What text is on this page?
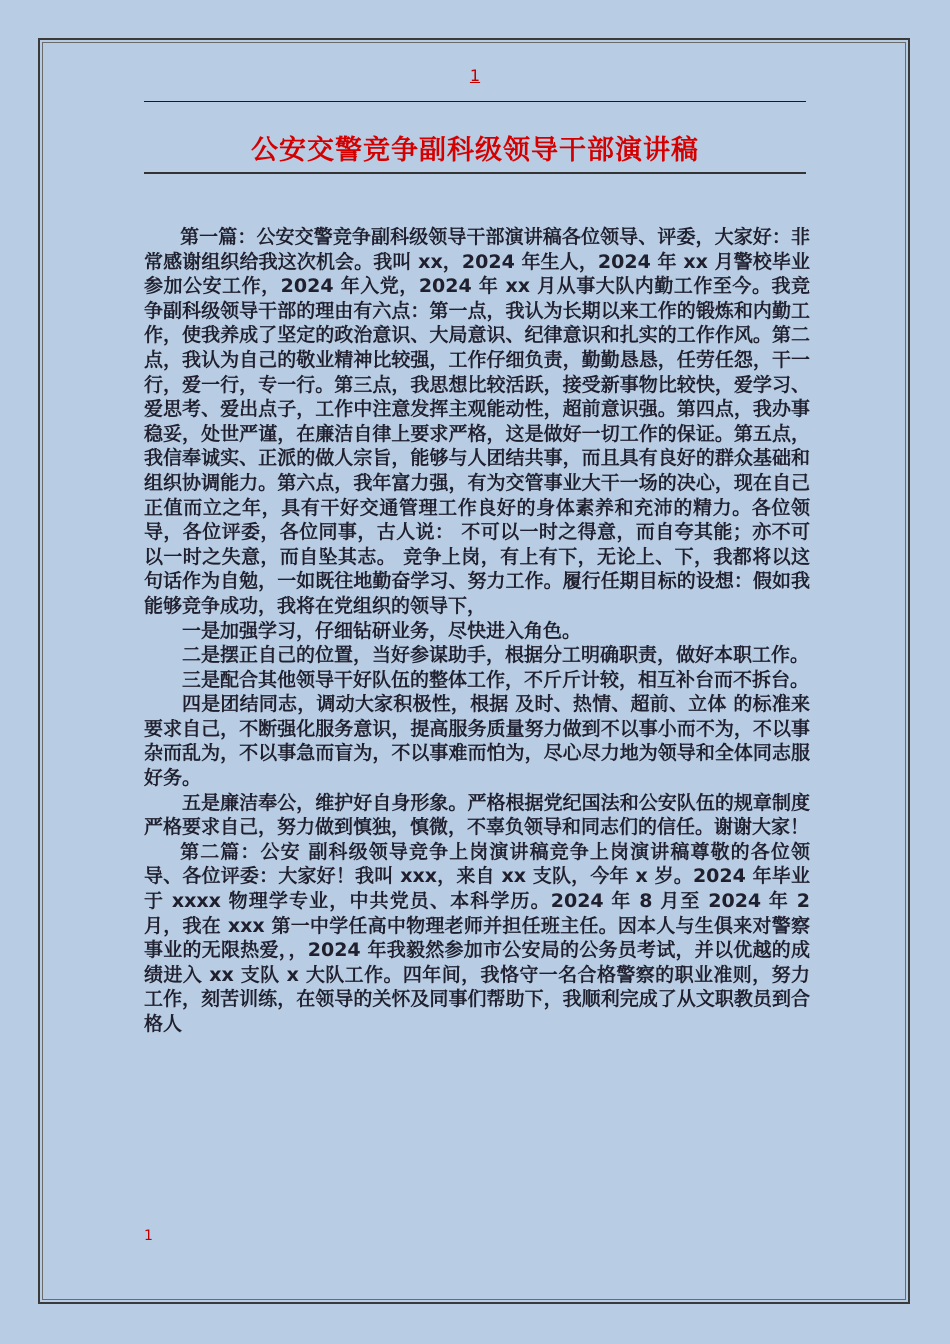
1
公安交警竞争副科级领导干部演讲稿

第一篇：公安交警竞争副科级领导干部演讲稿各位领导、评委，大家好：非常感谢组织给我这次机会。我叫 xx，2024 年生人，2024 年 xx 月警校毕业参加公安工作，2024 年入党，2024 年 xx 月从事大队内勤工作至今。我竞争副科级领导干部的理由有六点：第一点，我认为长期以来工作的锻炼和内勤工作，使我养成了坚定的政治意识、大局意识、纪律意识和扎实的工作作风。第二点，我认为自己的敬业精神比较强，工作仔细负责，勤勤恳恳，任劳任怨，干一行，爱一行，专一行。第三点，我思想比较活跃，接受新事物比较快，爱学习、爱思考、爱出点子，工作中注意发挥主观能动性，超前意识强。第四点，我办事稳妥，处世严谨，在廉洁自律上要求严格，这是做好一切工作的保证。第五点，我信奉诚实、正派的做人宗旨，能够与人团结共事，而且具有良好的群众基础和组织协调能力。第六点，我年富力强，有为交管事业大干一场的决心，现在自己正值而立之年，具有干好交通管理工作良好的身体素养和充沛的精力。各位领导，各位评委，各位同事，古人说： 不可以一时之得意，而自夸其能；亦不可以一时之失意，而自坠其志。 竞争上岗，有上有下，无论上、下，我都将以这句话作为自勉，一如既往地勤奋学习、努力工作。履行任期目标的设想：假如我能够竞争成功，我将在党组织的领导下，

一是加强学习，仔细钻研业务，尽快进入角色。

二是摆正自己的位置，当好参谋助手，根据分工明确职责，做好本职工作。

三是配合其他领导干好队伍的整体工作，不斤斤计较，相互补台而不拆台。

四是团结同志，调动大家积极性，根据 及时、热情、超前、立体 的标准来要求自己，不断强化服务意识，提高服务质量努力做到不以事小而不为，不以事杂而乱为，不以事急而盲为，不以事难而怕为，尽心尽力地为领导和全体同志服好务。

五是廉洁奉公，维护好自身形象。严格根据党纪国法和公安队伍的规章制度严格要求自己，努力做到慎独，慎微，不辜负领导和同志们的信任。谢谢大家！

第二篇：公安 副科级领导竞争上岗演讲稿竞争上岗演讲稿尊敬的各位领导、各位评委：大家好！我叫 xxx，来自 xx 支队，今年 x 岁。2024 年毕业于 xxxx 物理学专业，中共党员、本科学历。2024 年 8 月至 2024 年 2 月，我在 xxx 第一中学任高中物理老师并担任班主任。因本人与生俱来对警察事业的无限热爱，，2024 年我毅然参加市公安局的公务员考试，并以优越的成绩进入 xx 支队 x 大队工作。四年间，我恪守一名合格警察的职业准则，努力工作，刻苦训练，在领导的关怀及同事们帮助下，我顺利完成了从文职教员到合格人

1
